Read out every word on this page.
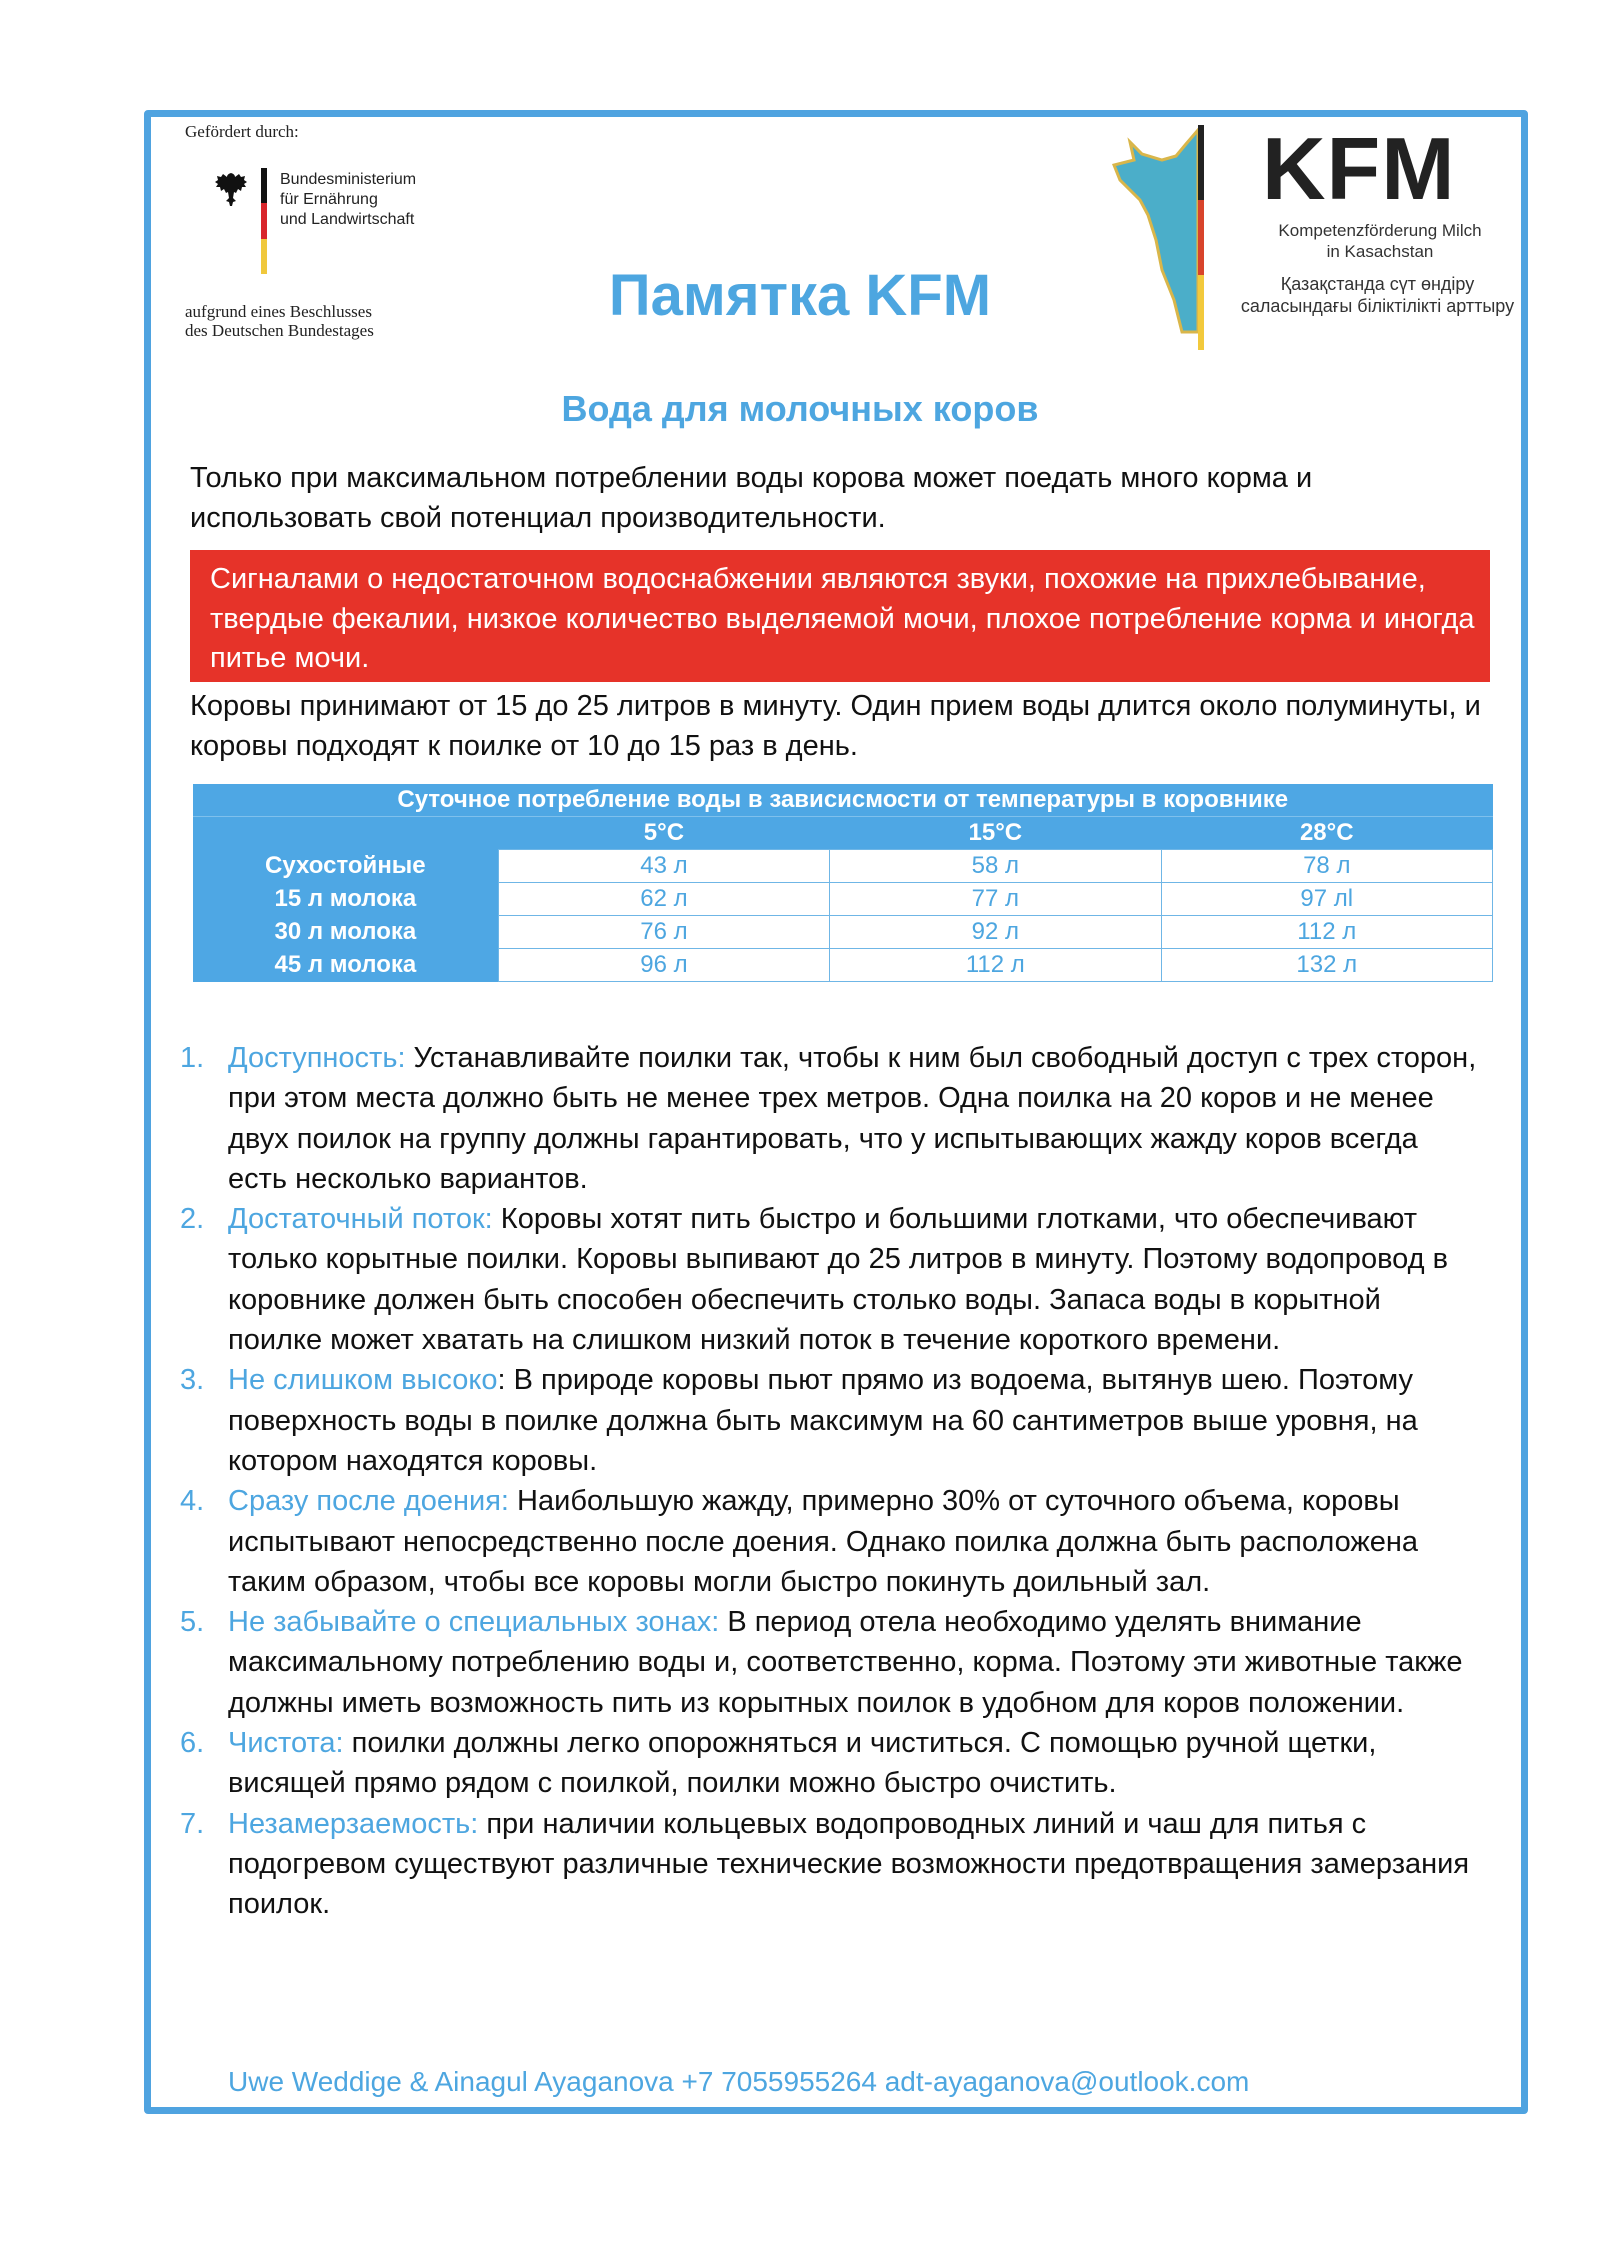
Gefördert durch:
Bundesministerium
für Ernährung
und Landwirtschaft
aufgrund eines Beschlusses
des Deutschen Bundestages
Памятка KFM
KFM
Kompetenzförderung Milch
in Kasachstan
Қазақстанда сүт өндіру
саласындағы біліктілікті арттыру
Вода для молочных коров
Только при максимальном потреблении воды корова может поедать много корма и использовать свой потенциал производительности.
Сигналами о недостаточном водоснабжении являются звуки, похожие на прихлебывание, твердые фекалии, низкое количество выделяемой мочи, плохое потребление корма и иногда питье мочи.
Коровы принимают от 15 до 25 литров в минуту. Один прием воды длится около полуминуты, и коровы подходят к поилке от 10 до 15 раз в день.
Суточное потребление воды в зависисмости от температуры в коровнике			
	5°C	15°C	28°C
Сухостойные	43 л	58 л	78 л
15 л молока	62 л	77 л	97 лl
30 л молока	76 л	92 л	112 л
45 л молока	96 л	112 л	132 л
1. Доступность: Устанавливайте поилки так, чтобы к ним был свободный доступ с трех сторон, при этом места должно быть не менее трех метров. Одна поилка на 20 коров и не менее двух поилок на группу должны гарантировать, что у испытывающих жажду коров всегда есть несколько вариантов.
2. Достаточный поток: Коровы хотят пить быстро и большими глотками, что обеспечивают только корытные поилки. Коровы выпивают до 25 литров в минуту. Поэтому водопровод в коровнике должен быть способен обеспечить столько воды. Запаса воды в корытной поилке может хватать на слишком низкий поток в течение короткого времени.
3. Не слишком высоко: В природе коровы пьют прямо из водоема, вытянув шею. Поэтому поверхность воды в поилке должна быть максимум на 60 сантиметров выше уровня, на котором находятся коровы.
4. Сразу после доения: Наибольшую жажду, примерно 30% от суточного объема, коровы испытывают непосредственно после доения. Однако поилка должна быть расположена таким образом, чтобы все коровы могли быстро покинуть доильный зал.
5. Не забывайте о специальных зонах: В период отела необходимо уделять внимание максимальному потреблению воды и, соответственно, корма. Поэтому эти животные также должны иметь возможность пить из корытных поилок в удобном для коров положении.
6. Чистота: поилки должны легко опорожняться и чиститься. С помощью ручной щетки, висящей прямо рядом с поилкой, поилки можно быстро очистить.
7. Незамерзаемость: при наличии кольцевых водопроводных линий и чаш для питья с подогревом существуют различные технические возможности предотвращения замерзания поилок.
Uwe Weddige & Ainagul Ayaganova +7 7055955264 adt-ayaganova@outlook.com
